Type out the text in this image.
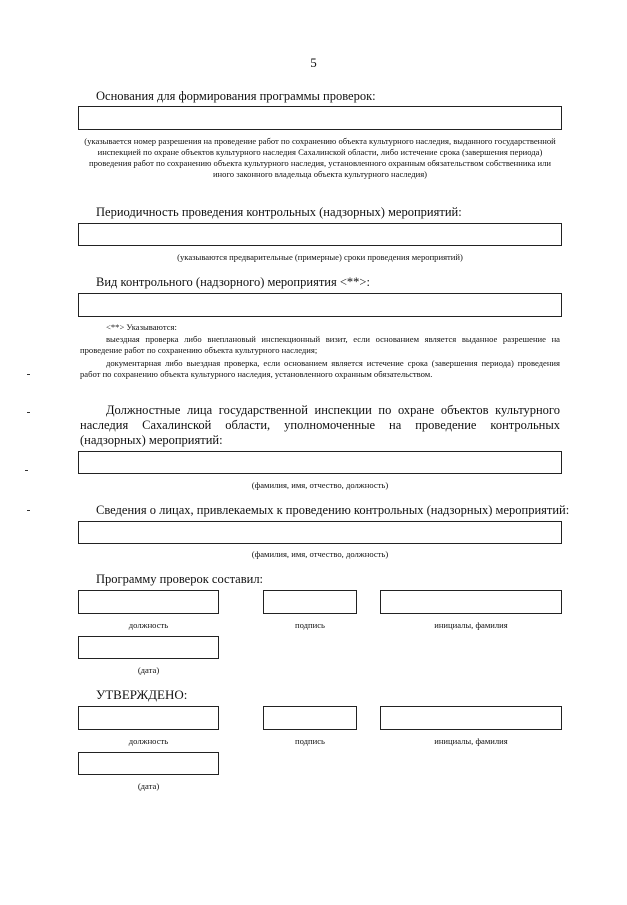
5
Основания для формирования программы проверок:
(указывается номер разрешения на проведение работ по сохранению объекта культурного наследия, выданного государственной инспекцией по охране объектов культурного наследия Сахалинской области, либо истечение срока (завершения периода) проведения работ по сохранению объекта культурного наследия, установленного охранным обязательством собственника или иного законного владельца объекта культурного наследия)
Периодичность проведения контрольных (надзорных) мероприятий:
(указываются предварительные (примерные) сроки проведения мероприятий)
Вид контрольного (надзорного) мероприятия <**>:
<**> Указываются:
выездная проверка либо внеплановый инспекционный визит, если основанием является выданное разрешение на проведение работ по сохранению объекта культурного наследия;
документарная либо выездная проверка, если основанием является истечение срока (завершения периода) проведения работ по сохранению объекта культурного наследия, установленного охранным обязательством.
Должностные лица государственной инспекции по охране объектов культурного наследия Сахалинской области, уполномоченные на проведение контрольных (надзорных) мероприятий:
(фамилия, имя, отчество, должность)
Сведения о лицах, привлекаемых к проведению контрольных (надзорных) мероприятий:
(фамилия, имя, отчество, должность)
Программу проверок составил:
должность	подпись	инициалы, фамилия
(дата)
УТВЕРЖДЕНО:
должность	подпись	инициалы, фамилия
(дата)
